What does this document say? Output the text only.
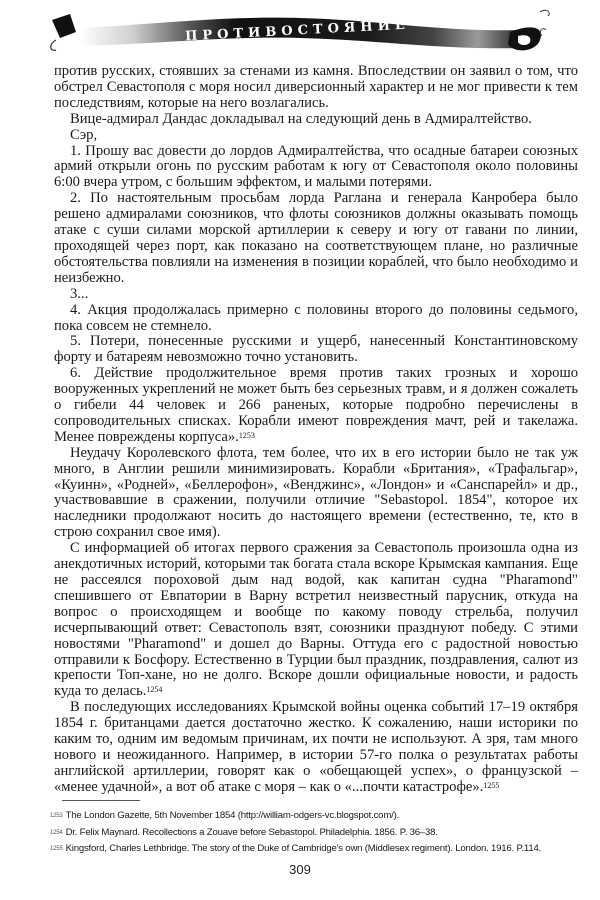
ПРОТИВОСТОЯНИЕ

против русских, стоявших за стенами из камня. Впоследствии он заявил о том, что обстрел Севастополя с моря носил диверсионный характер и не мог привести к тем последствиям, которые на него возлагались.

Вице-адмирал Дандас докладывал на следующий день в Адмиралтейство.

Сэр,

1. Прошу вас довести до лордов Адмиралтейства, что осадные батареи союзных армий открыли огонь по русским работам к югу от Севастополя около половины 6:00 вчера утром, с большим эффектом, и малыми потерями.

2. По настоятельным просьбам лорда Раглана и генерала Канробера было решено адмиралами союзников, что флоты союзников должны оказывать помощь атаке с суши силами морской артиллерии к северу и югу от гавани по линии, проходящей через порт, как показано на соответствующем плане, но различные обстоятельства повлияли на изменения в позиции кораблей, что было необходимо и неизбежно.

3...

4. Акция продолжалась примерно с половины второго до половины седьмого, пока совсем не стемнело.

5. Потери, понесенные русскими и ущерб, нанесенный Константиновскому форту и батареям невозможно точно установить.

6. Действие продолжительное время против таких грозных и хорошо вооруженных укреплений не может быть без серьезных травм, и я должен сожалеть о гибели 44 человек и 266 раненых, которые подробно перечислены в сопроводительных списках. Корабли имеют повреждения мачт, рей и такелажа. Менее повреждены корпуса».$^{1253}$

Неудачу Королевского флота, тем более, что их в его истории было не так уж много, в Англии решили минимизировать. Корабли «Британия», «Трафальгар», «Куинн», «Родней», «Беллерофон», «Венджинс», «Лондон» и «Санспарейл» и др., участвовавшие в сражении, получили отличие "Sebastopol. 1854", которое их наследники продолжают носить до настоящего времени (естественно, те, кто в строю сохранил свое имя).

С информацией об итогах первого сражения за Севастополь произошла одна из анекдотичных историй, которыми так богата стала вскоре Крымская кампания. Еще не рассеялся пороховой дым над водой, как капитан судна "Pharamond" спешившего от Евпатории в Варну встретил неизвестный парусник, откуда на вопрос о происходящем и вообще по какому поводу стрельба, получил исчерпывающий ответ: Севастополь взят, союзники празднуют победу. С этими новостями "Pharamond" и дошел до Варны. Оттуда его с радостной новостью отправили к Босфору. Естественно в Турции был праздник, поздравления, салют из крепости Топ-хане, но не долго. Вскоре дошли официальные новости, и радость куда то делась.$^{1254}$

В последующих исследованиях Крымской войны оценка событий 17–19 октября 1854 г. британцами дается достаточно жестко. К сожалению, наши историки по каким то, одним им ведомым причинам, их почти не используют. А зря, там много нового и неожиданного. Например, в истории 57-го полка о результатах работы английской артиллерии, говорят как о «обещающей успех», о французской – «менее удачной», а вот об атаке с моря – как о «...почти катастрофе».$^{1255}$

$^{1253}$ The London Gazette, 5th November 1854 (http://william-odgers-vc.blogspot.com/).
$^{1254}$ Dr. Felix Maynard. Recollections a Zouave before Sebastopol. Philadelphia. 1856. P. 36–38.
$^{1255}$ Kingsford, Charles Lethbridge. The story of the Duke of Cambridge's own (Middlesex regiment). London. 1916. P.114.
309
